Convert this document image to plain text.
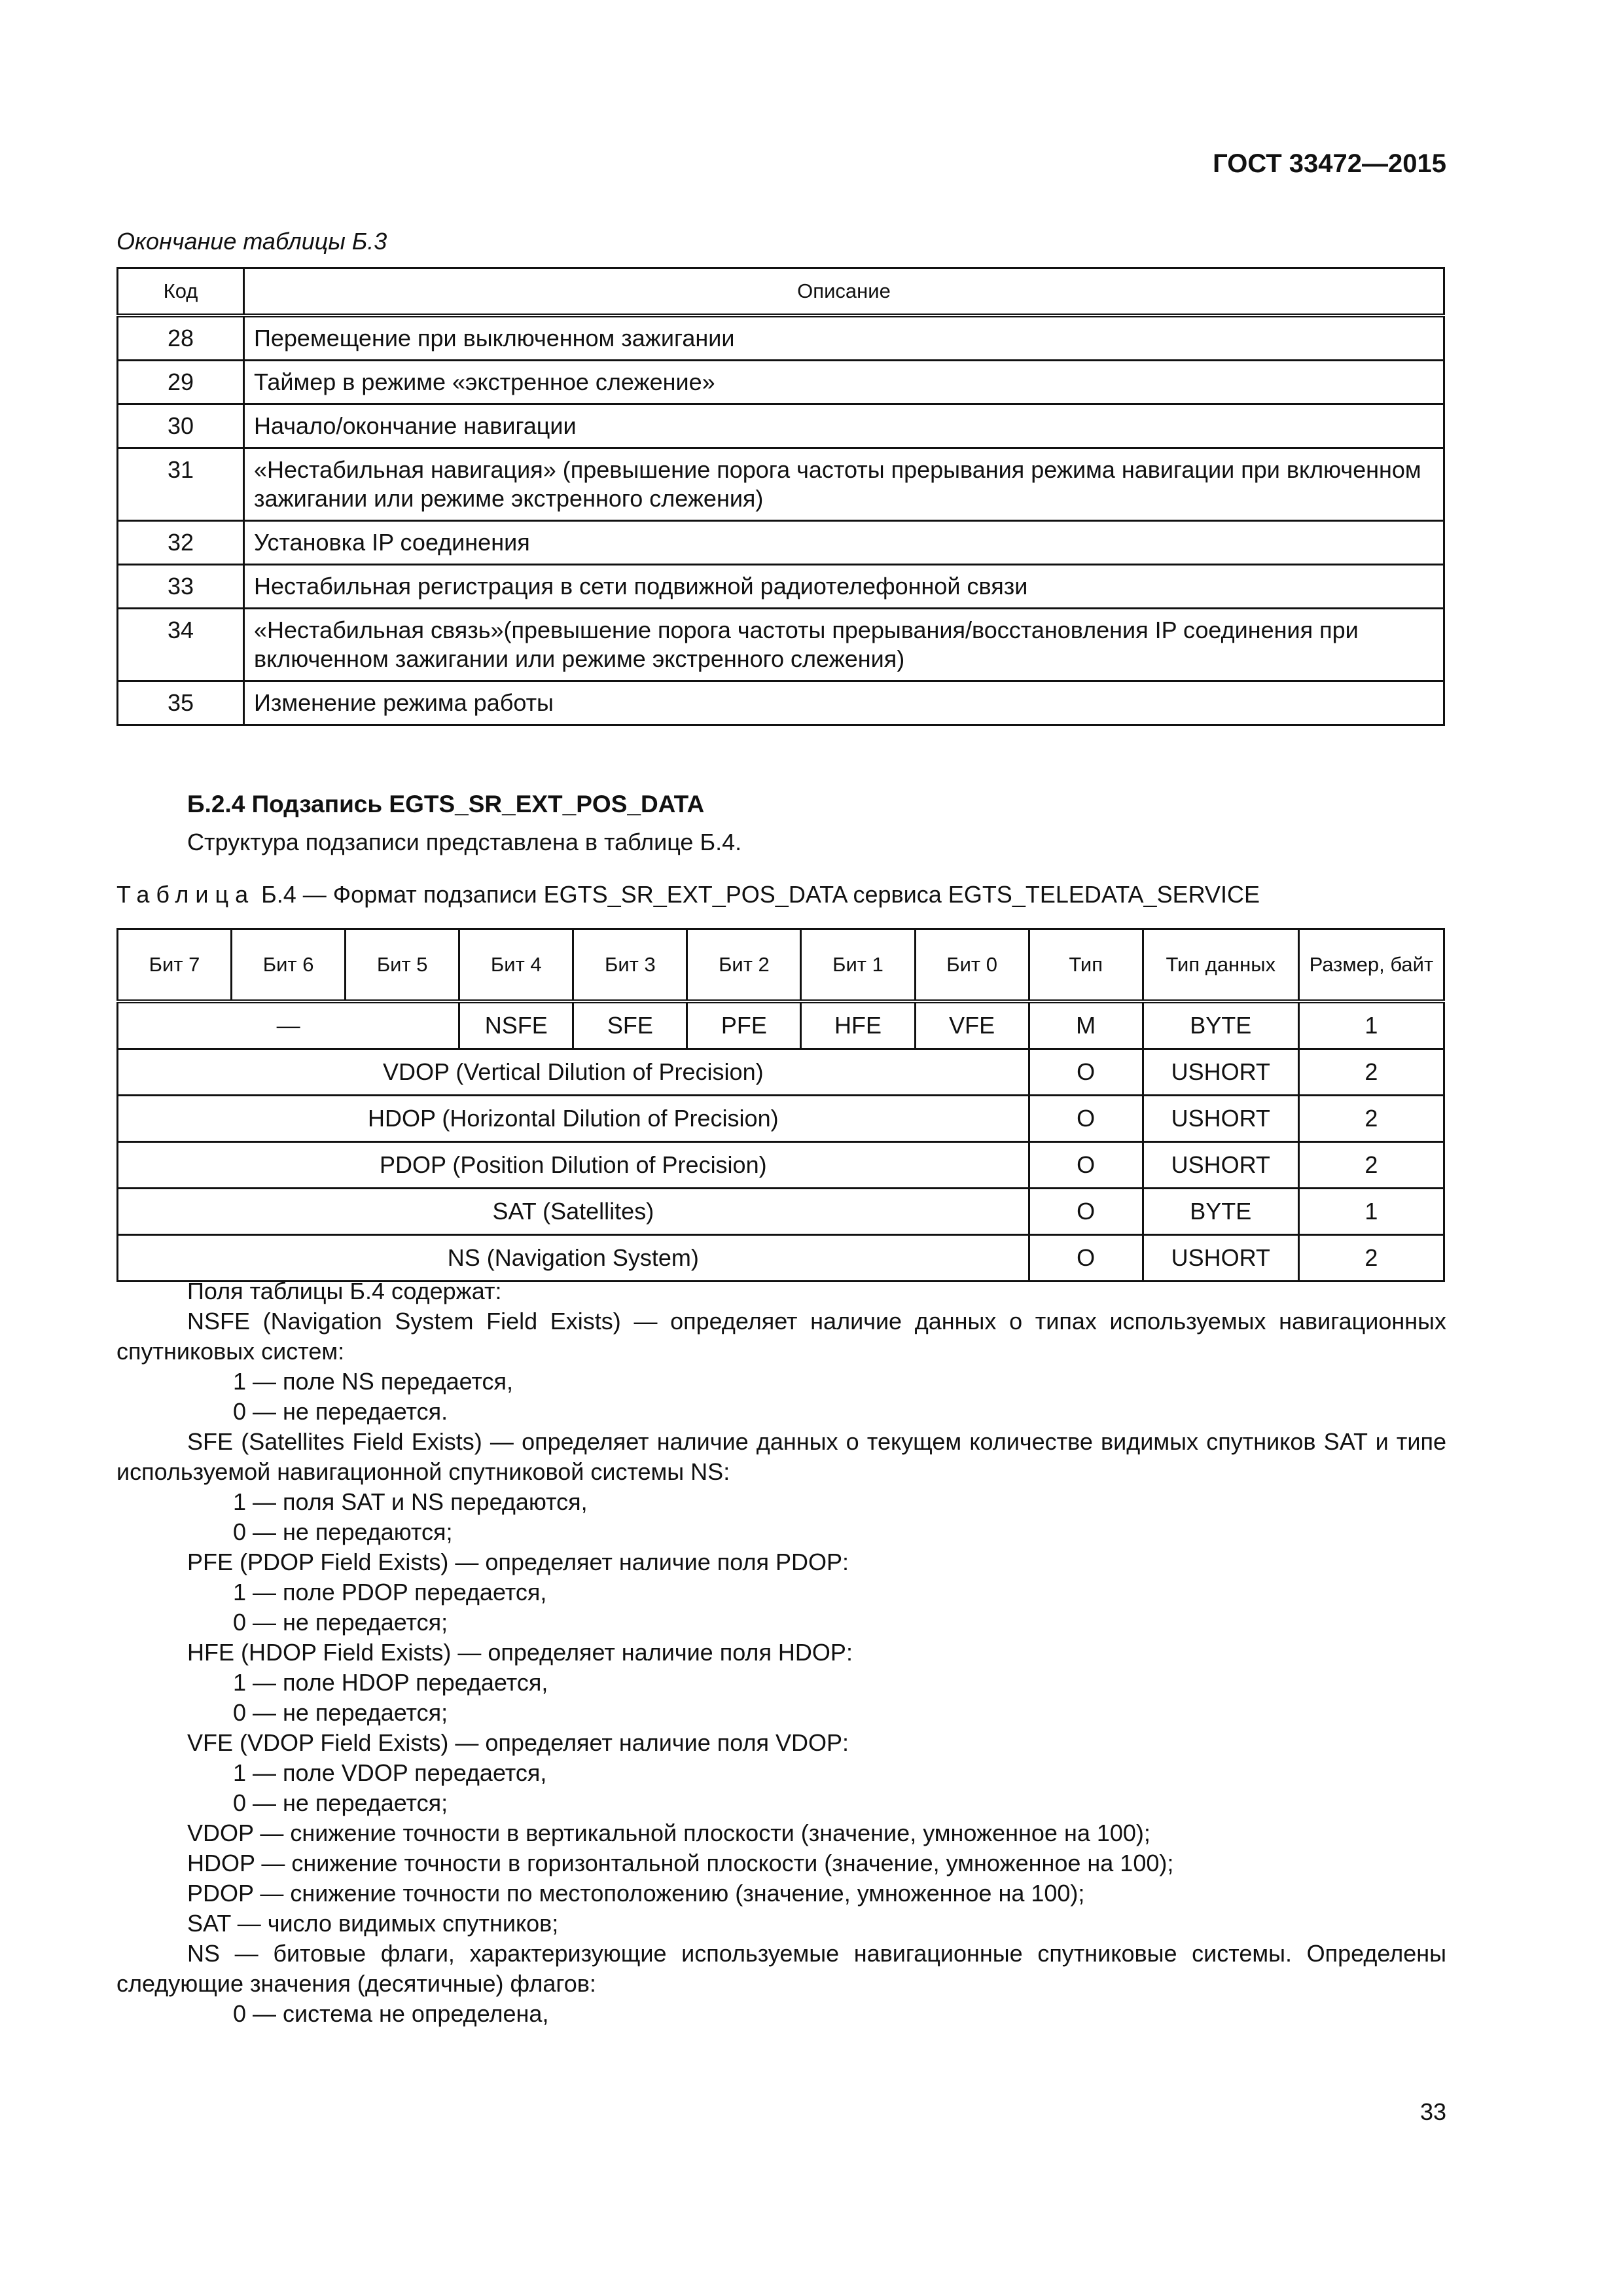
ГОСТ 33472—2015
Окончание таблицы Б.3
Код	Описание
28	Перемещение при выключенном зажигании
29	Таймер в режиме «экстренное слежение»
30	Начало/окончание навигации
31	«Нестабильная навигация» (превышение порога частоты прерывания режима навигации при включенном зажигании или режиме экстренного слежения)
32	Установка IP соединения
33	Нестабильная регистрация в сети подвижной радиотелефонной связи
34	«Нестабильная связь»(превышение порога частоты прерывания/восстановления IP соединения при включенном зажигании или режиме экстренного слежения)
35	Изменение режима работы
Б.2.4 Подзапись EGTS_SR_EXT_POS_DATA
Структура подзаписи представлена в таблице Б.4.
Таблица Б.4 — Формат подзаписи EGTS_SR_EXT_POS_DATA сервиса EGTS_TELEDATA_SERVICE
Бит 7	Бит 6	Бит 5	Бит 4	Бит 3	Бит 2	Бит 1	Бит 0	Тип	Тип данных	Размер, байт
—			NSFE	SFE	PFE	HFE	VFE	M	BYTE	1
VDOP (Vertical Dilution of Precision)								O	USHORT	2
HDOP (Horizontal Dilution of Precision)								O	USHORT	2
PDOP (Position Dilution of Precision)								O	USHORT	2
SAT (Satellites)								O	BYTE	1
NS (Navigation System)								O	USHORT	2

Поля таблицы Б.4 содержат:

NSFE (Navigation System Field Exists) — определяет наличие данных о типах используемых навигационных спутниковых систем:

1 — поле NS передается,

0 — не передается.

SFE (Satellites Field Exists) — определяет наличие данных о текущем количестве видимых спутников SAT и типе используемой навигационной спутниковой системы NS:

1 — поля SAT и NS передаются,

0 — не передаются;

PFE (PDOP Field Exists) — определяет наличие поля PDOP:

1 — поле PDOP передается,

0 — не передается;

HFE (HDOP Field Exists) — определяет наличие поля HDOP:

1 — поле HDOP передается,

0 — не передается;

VFE (VDOP Field Exists) — определяет наличие поля VDOP:

1 — поле VDOP передается,

0 — не передается;

VDOP — снижение точности в вертикальной плоскости (значение, умноженное на 100);

HDOP — снижение точности в горизонтальной плоскости (значение, умноженное на 100);

PDOP — снижение точности по местоположению (значение, умноженное на 100);

SAT — число видимых спутников;

NS — битовые флаги, характеризующие используемые навигационные спутниковые системы. Определены следующие значения (десятичные) флагов:

0 — система не определена,

33
